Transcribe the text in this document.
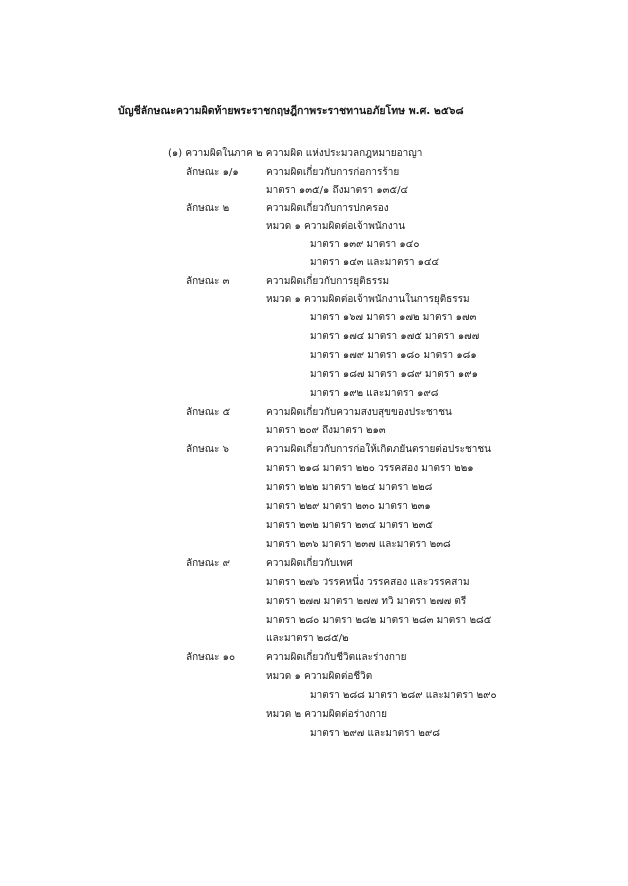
บัญชีลักษณะความผิดท้ายพระราชกฤษฎีกาพระราชทานอภัยโทษ พ.ศ. ๒๕๖๘
(๑) ความผิดในภาค ๒ ความผิด แห่งประมวลกฎหมายอาญา
ลักษณะ ๑/๑	ความผิดเกี่ยวกับการก่อการร้าย
มาตรา ๑๓๕/๑ ถึงมาตรา ๑๓๕/๔
ลักษณะ ๒	ความผิดเกี่ยวกับการปกครอง
หมวด ๑ ความผิดต่อเจ้าพนักงาน
มาตรา ๑๓๙ มาตรา ๑๔๐
มาตรา ๑๔๓ และมาตรา ๑๔๔
ลักษณะ ๓	ความผิดเกี่ยวกับการยุติธรรม
หมวด ๑ ความผิดต่อเจ้าพนักงานในการยุติธรรม
มาตรา ๑๖๗ มาตรา ๑๗๒ มาตรา ๑๗๓
มาตรา ๑๗๔ มาตรา ๑๗๕ มาตรา ๑๗๗
มาตรา ๑๗๙ มาตรา ๑๘๐ มาตรา ๑๘๑
มาตรา ๑๘๗ มาตรา ๑๘๙ มาตรา ๑๙๑
มาตรา ๑๙๒ และมาตรา ๑๙๘
ลักษณะ ๕	ความผิดเกี่ยวกับความสงบสุขของประชาชน
มาตรา ๒๐๙ ถึงมาตรา ๒๑๓
ลักษณะ ๖	ความผิดเกี่ยวกับการก่อให้เกิดภยันตรายต่อประชาชน
มาตรา ๒๑๘ มาตรา ๒๒๐ วรรคสอง มาตรา ๒๒๑
มาตรา ๒๒๒ มาตรา ๒๒๔ มาตรา ๒๒๘
มาตรา ๒๒๙ มาตรา ๒๓๐ มาตรา ๒๓๑
มาตรา ๒๓๒ มาตรา ๒๓๔ มาตรา ๒๓๕
มาตรา ๒๓๖ มาตรา ๒๓๗ และมาตรา ๒๓๘
ลักษณะ ๙	ความผิดเกี่ยวกับเพศ
มาตรา ๒๗๖ วรรคหนึ่ง วรรคสอง และวรรคสาม
มาตรา ๒๗๗ มาตรา ๒๗๗ ทวิ มาตรา ๒๗๗ ตรี
มาตรา ๒๘๐ มาตรา ๒๘๒ มาตรา ๒๘๓ มาตรา ๒๘๕
และมาตรา ๒๘๕/๒
ลักษณะ ๑๐	ความผิดเกี่ยวกับชีวิตและร่างกาย
หมวด ๑ ความผิดต่อชีวิต
มาตรา ๒๘๘ มาตรา ๒๘๙ และมาตรา ๒๙๐
หมวด ๒ ความผิดต่อร่างกาย
มาตรา ๒๙๗ และมาตรา ๒๙๘
